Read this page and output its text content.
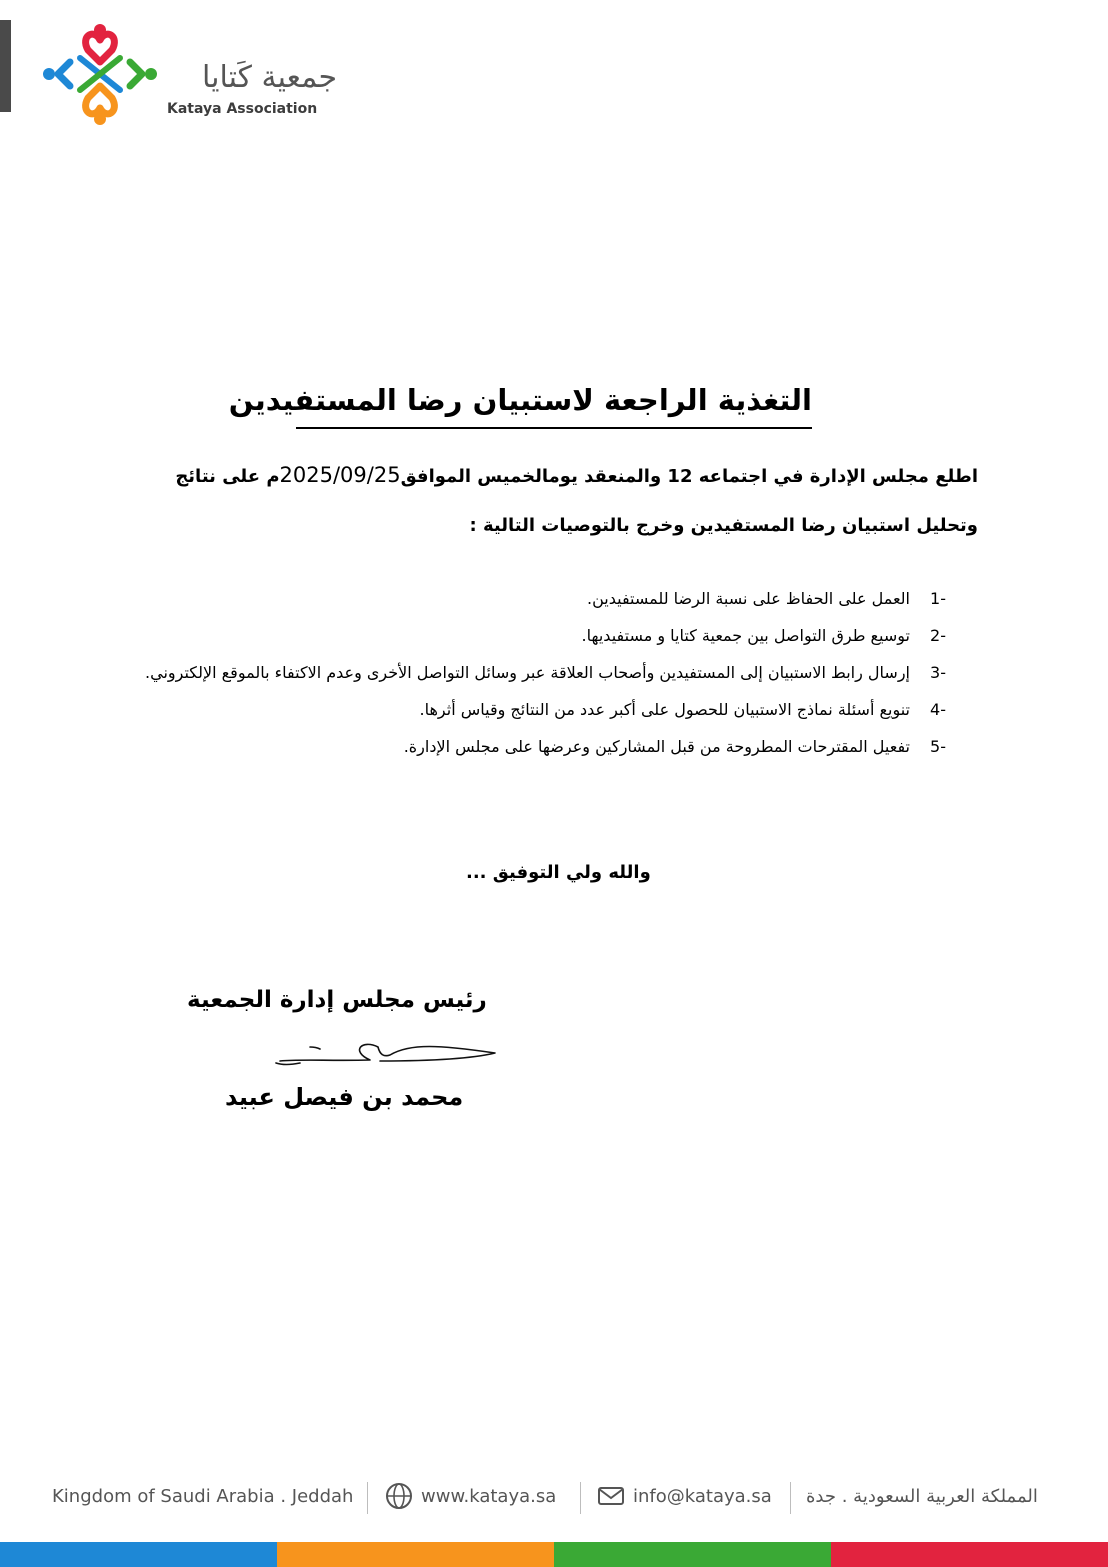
جمعية كَتايا
Kataya Association
التغذية الراجعة لاستبيان رضا المستفيدين
اطلع مجلس الإدارة في اجتماعه 12 والمنعقد يومالخميس الموافق2025/09/25م على نتائج
وتحليل استبيان رضا المستفيدين وخرج بالتوصيات التالية :
-1
العمل على الحفاظ على نسبة الرضا للمستفيدين.
-2
توسيع طرق التواصل بين جمعية كتايا و مستفيديها.
-3
إرسال رابط الاستبيان إلى المستفيدين وأصحاب العلاقة عبر وسائل التواصل الأخرى وعدم الاكتفاء بالموقع الإلكتروني.
-4
تنويع أسئلة نماذج الاستبيان للحصول على أكبر عدد من النتائج وقياس أثرها.
-5
تفعيل المقترحات المطروحة من قبل المشاركين وعرضها على مجلس الإدارة.
والله ولي التوفيق ...
رئيس مجلس إدارة الجمعية
محمد بن فيصل عبيد
Kingdom of Saudi Arabia . Jeddah	www.kataya.sa	info@kataya.sa المملكة العربية السعودية . جدة
